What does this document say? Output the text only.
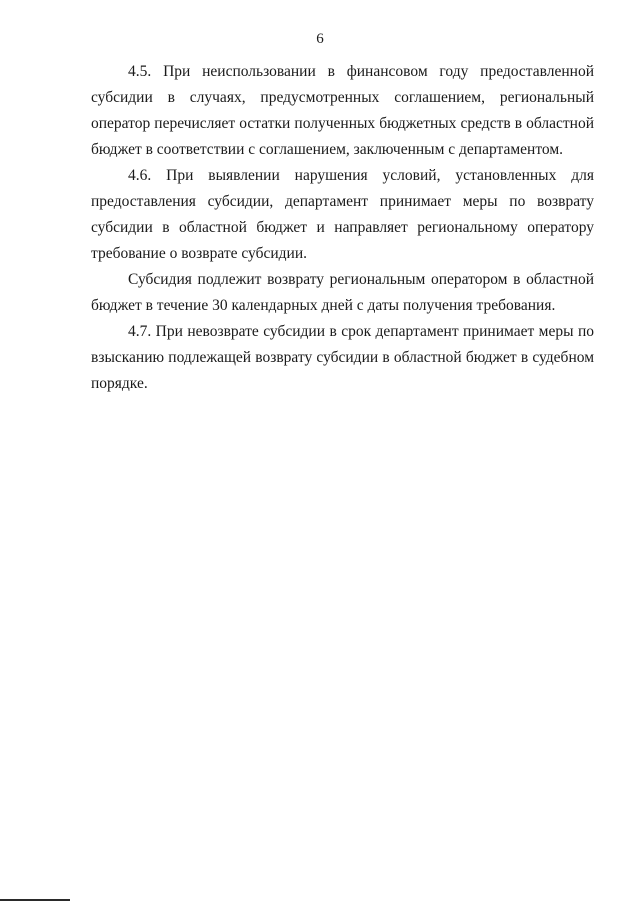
6

4.5. При неиспользовании в финансовом году предоставленной субсидии в случаях, предусмотренных соглашением, региональный оператор перечисляет остатки полученных бюджетных средств в областной бюджет в соответствии с соглашением, заключенным с департаментом.

4.6. При выявлении нарушения условий, установленных для предоставления субсидии, департамент принимает меры по возврату субсидии в областной бюджет и направляет региональному оператору требование о возврате субсидии.

Субсидия подлежит возврату региональным оператором в областной бюджет в течение 30 календарных дней с даты получения требования.

4.7. При невозврате субсидии в срок департамент принимает меры по взысканию подлежащей возврату субсидии в областной бюджет в судебном порядке.
